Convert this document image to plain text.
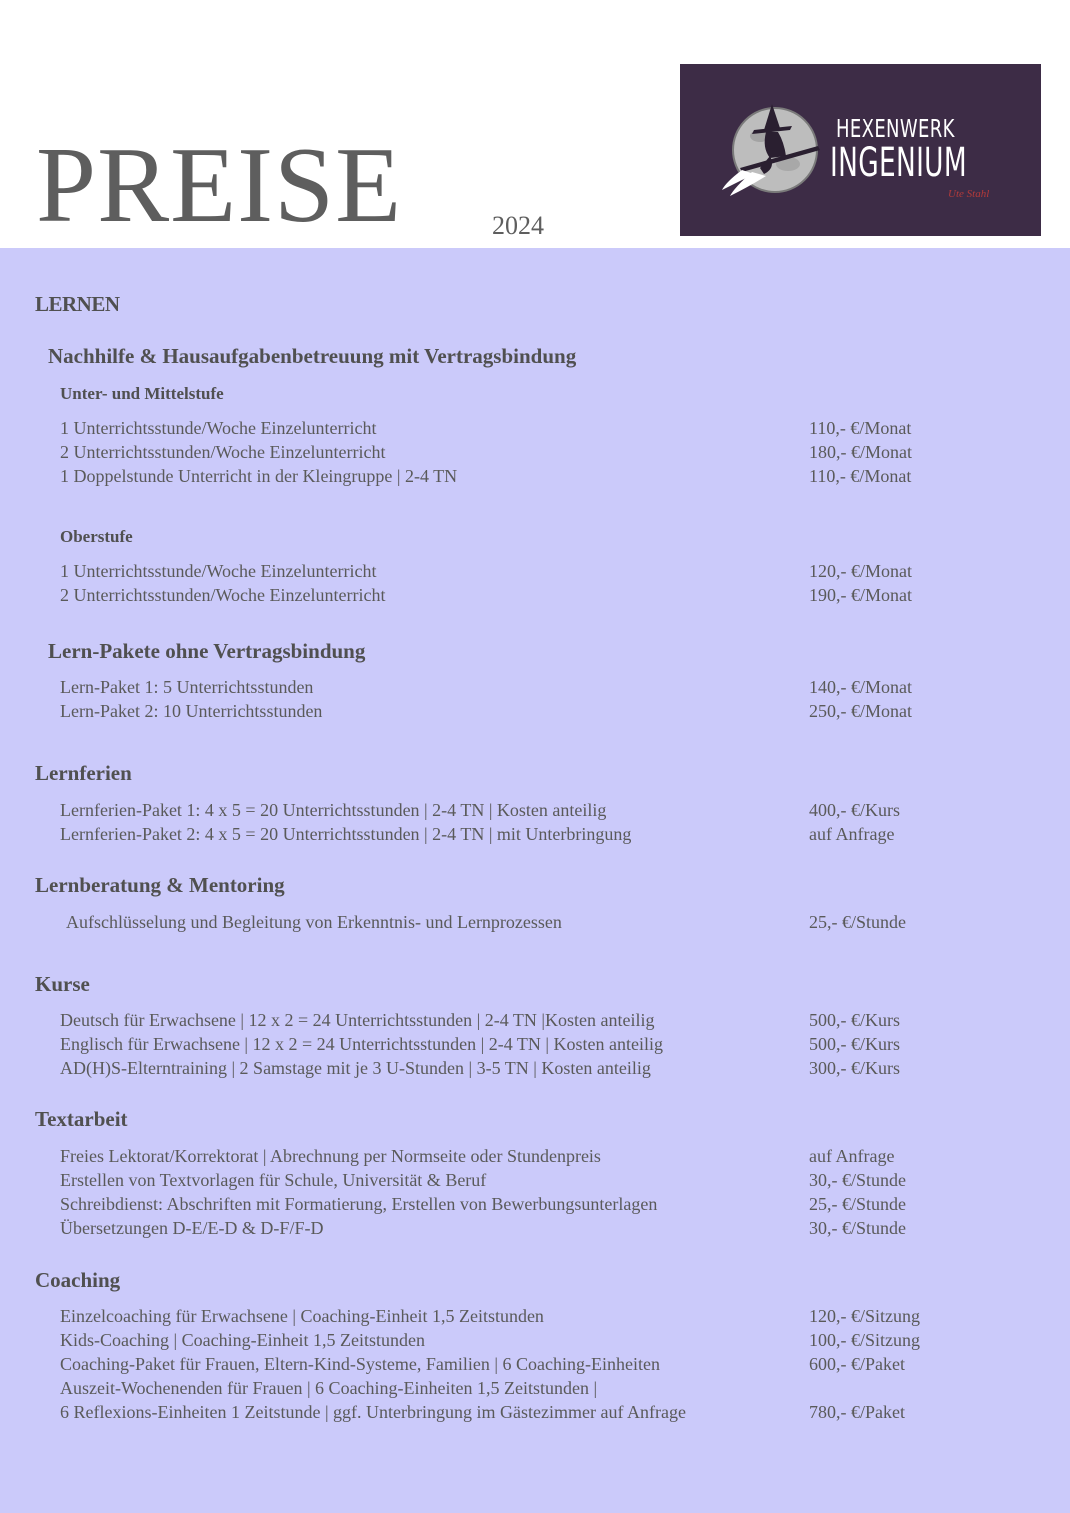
PREISE	2024
HEXENWERK
INGENIUM
Ute Stahl
LERNEN
Nachhilfe & Hausaufgabenbetreuung mit Vertragsbindung
Unter- und Mittelstufe
1 Unterrichtsstunde/Woche Einzelunterricht	110,- €/Monat
2 Unterrichtsstunden/Woche Einzelunterricht	180,- €/Monat
1 Doppelstunde Unterricht in der Kleingruppe | 2-4 TN	110,- €/Monat
Oberstufe
1 Unterrichtsstunde/Woche Einzelunterricht	120,- €/Monat
2 Unterrichtsstunden/Woche Einzelunterricht	190,- €/Monat
Lern-Pakete ohne Vertragsbindung
Lern-Paket 1: 5 Unterrichtsstunden	140,- €/Monat
Lern-Paket 2: 10 Unterrichtsstunden	250,- €/Monat
Lernferien
Lernferien-Paket 1: 4 x 5 = 20 Unterrichtsstunden | 2-4 TN | Kosten anteilig	400,- €/Kurs
Lernferien-Paket 2: 4 x 5 = 20 Unterrichtsstunden | 2-4 TN | mit Unterbringung	auf Anfrage
Lernberatung & Mentoring
Aufschlüsselung und Begleitung von Erkenntnis- und Lernprozessen	25,- €/Stunde
Kurse
Deutsch für Erwachsene | 12 x 2 = 24 Unterrichtsstunden | 2-4 TN |Kosten anteilig	500,- €/Kurs
Englisch für Erwachsene | 12 x 2 = 24 Unterrichtsstunden | 2-4 TN | Kosten anteilig	500,- €/Kurs
AD(H)S-Elterntraining | 2 Samstage mit je 3 U-Stunden | 3-5 TN | Kosten anteilig	300,- €/Kurs
Textarbeit
Freies Lektorat/Korrektorat | Abrechnung per Normseite oder Stundenpreis	auf Anfrage
Erstellen von Textvorlagen für Schule, Universität & Beruf	30,- €/Stunde
Schreibdienst: Abschriften mit Formatierung, Erstellen von Bewerbungsunterlagen	25,- €/Stunde
Übersetzungen D-E/E-D & D-F/F-D	30,- €/Stunde
Coaching
Einzelcoaching für Erwachsene | Coaching-Einheit 1,5 Zeitstunden	120,- €/Sitzung
Kids-Coaching | Coaching-Einheit 1,5 Zeitstunden	100,- €/Sitzung
Coaching-Paket für Frauen, Eltern-Kind-Systeme, Familien | 6 Coaching-Einheiten	600,- €/Paket
Auszeit-Wochenenden für Frauen | 6 Coaching-Einheiten 1,5 Zeitstunden |
6 Reflexions-Einheiten 1 Zeitstunde | ggf. Unterbringung im Gästezimmer auf Anfrage	780,- €/Paket
